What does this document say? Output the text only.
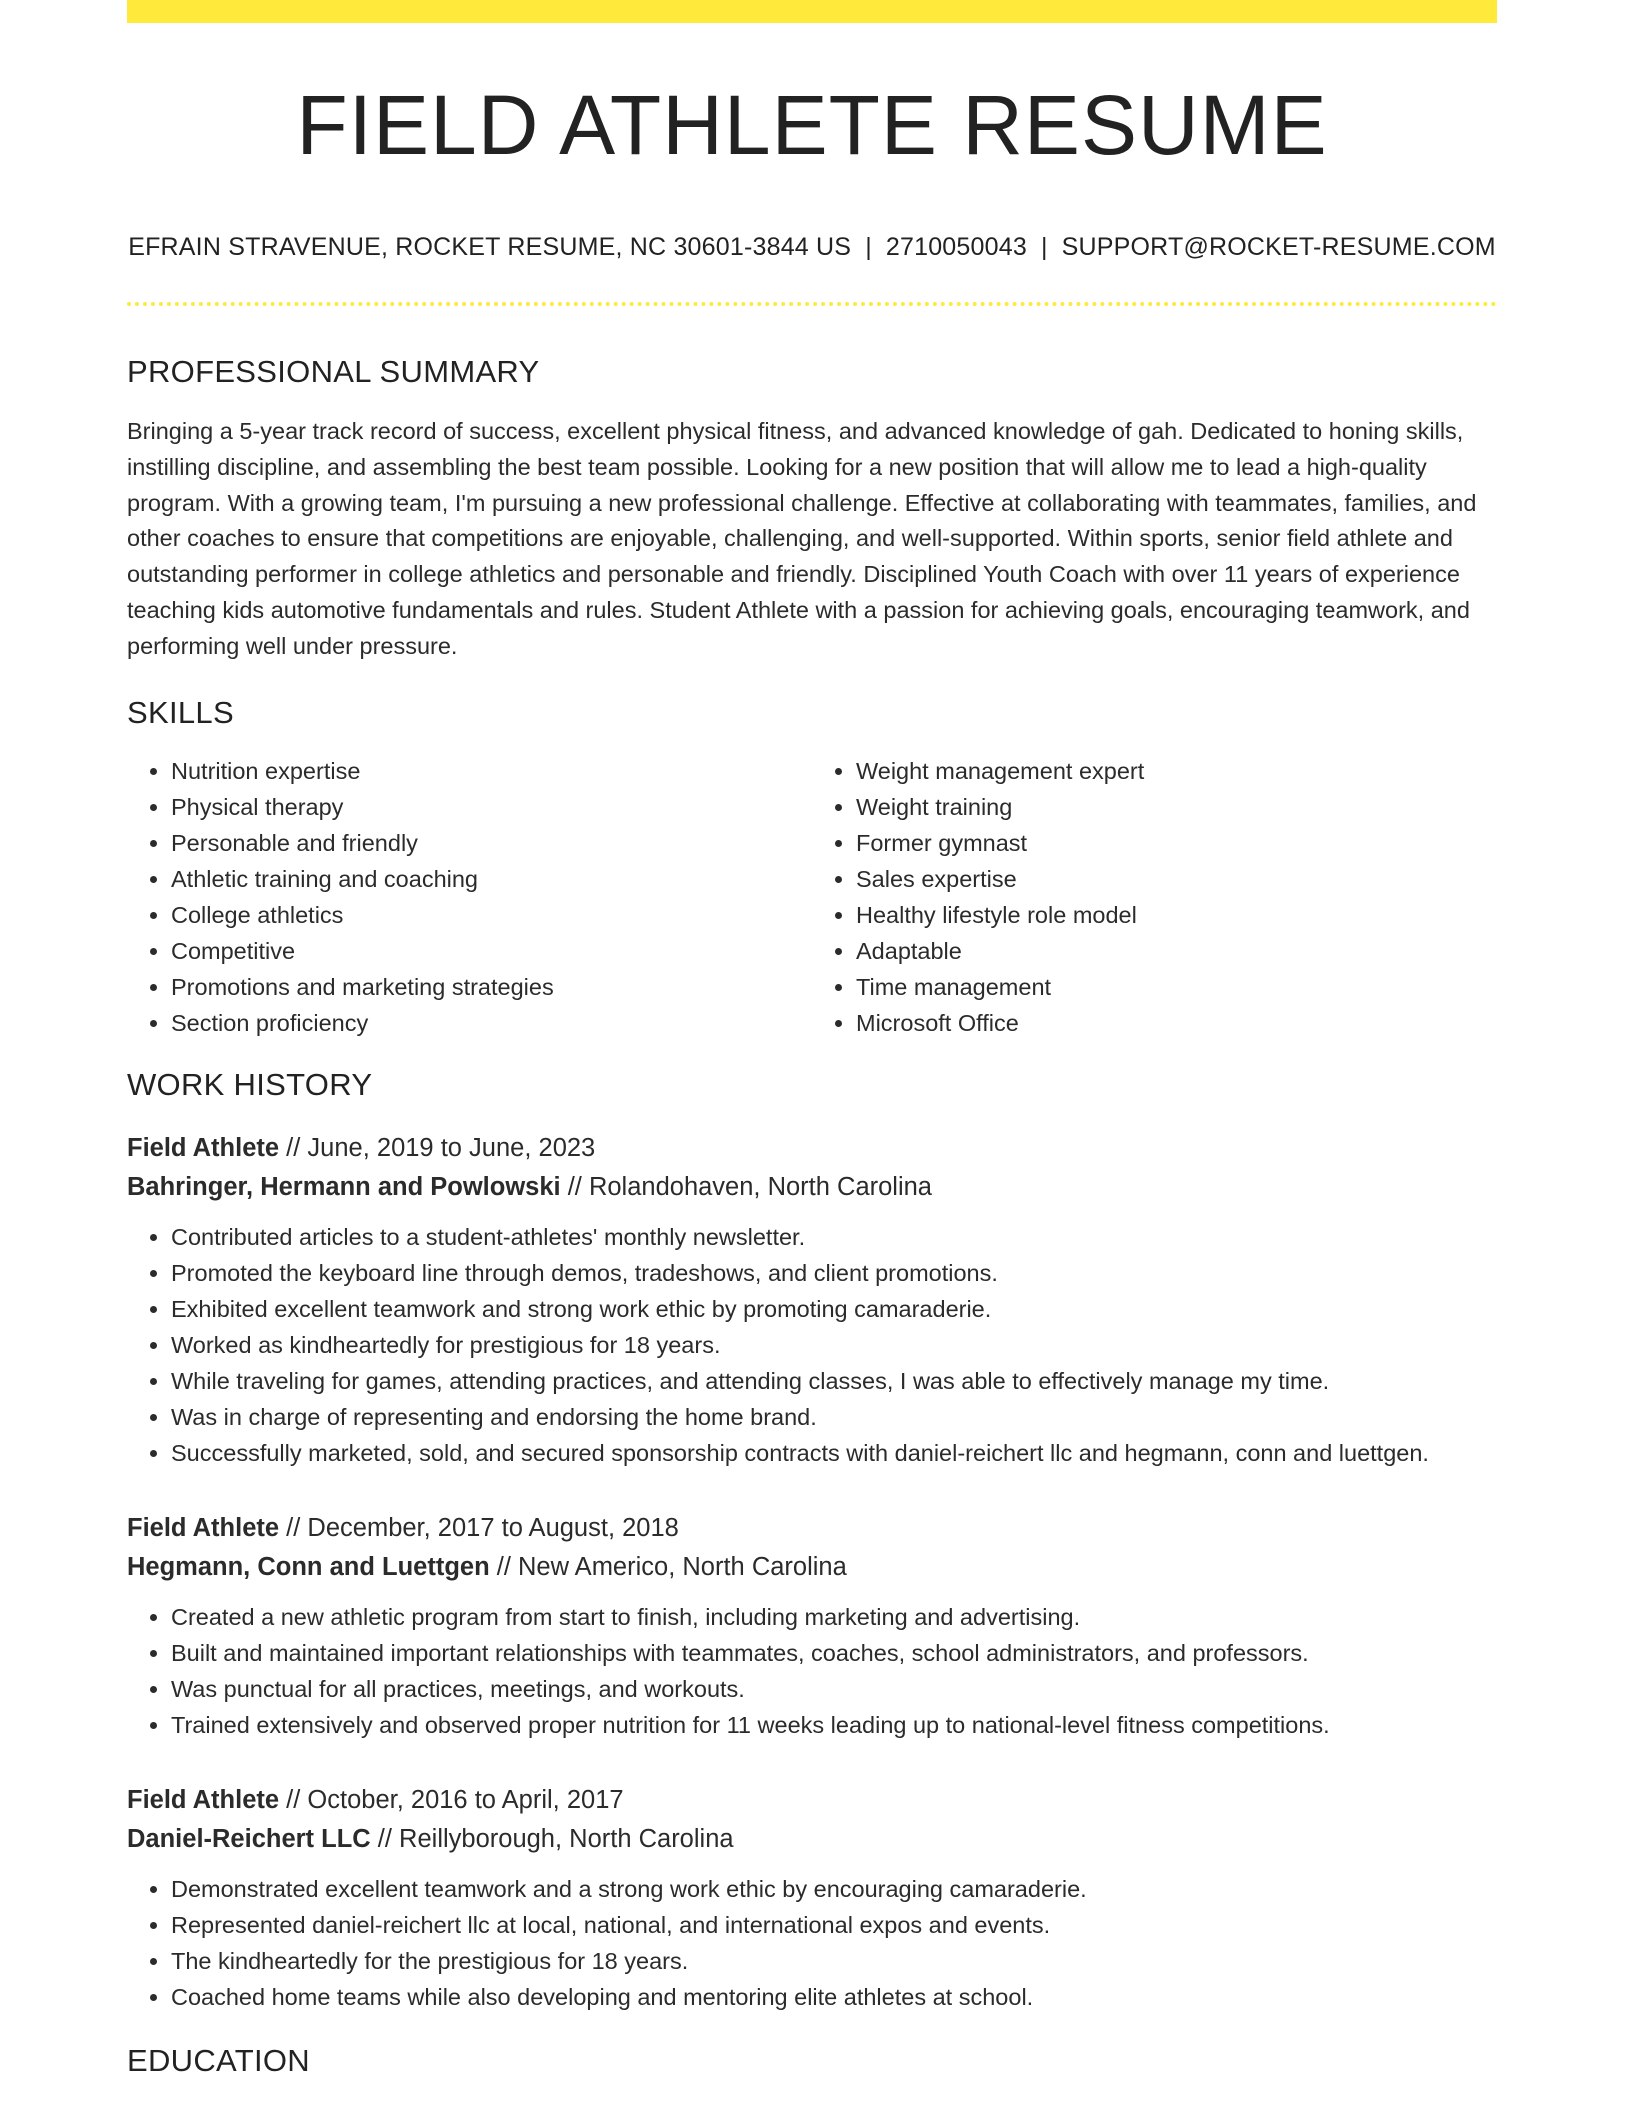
FIELD ATHLETE RESUME
EFRAIN STRAVENUE, ROCKET RESUME, NC 30601-3844 US | 2710050043 | SUPPORT@ROCKET-RESUME.COM
PROFESSIONAL SUMMARY

Bringing a 5-year track record of success, excellent physical fitness, and advanced knowledge of gah. Dedicated to honing skills, instilling discipline, and assembling the best team possible. Looking for a new position that will allow me to lead a high-quality program. With a growing team, I'm pursuing a new professional challenge. Effective at collaborating with teammates, families, and other coaches to ensure that competitions are enjoyable, challenging, and well-supported. Within sports, senior field athlete and outstanding performer in college athletics and personable and friendly. Disciplined Youth Coach with over 11 years of experience teaching kids automotive fundamentals and rules. Student Athlete with a passion for achieving goals, encouraging teamwork, and performing well under pressure.

SKILLS
• Nutrition expertise
• Physical therapy
• Personable and friendly
• Athletic training and coaching
• College athletics
• Competitive
• Promotions and marketing strategies
• Section proficiency
• Weight management expert
• Weight training
• Former gymnast
• Sales expertise
• Healthy lifestyle role model
• Adaptable
• Time management
• Microsoft Office
WORK HISTORY
Field Athlete // June, 2019 to June, 2023
Bahringer, Hermann and Powlowski // Rolandohaven, North Carolina
• Contributed articles to a student-athletes' monthly newsletter.
• Promoted the keyboard line through demos, tradeshows, and client promotions.
• Exhibited excellent teamwork and strong work ethic by promoting camaraderie.
• Worked as kindheartedly for prestigious for 18 years.
• While traveling for games, attending practices, and attending classes, I was able to effectively manage my time.
• Was in charge of representing and endorsing the home brand.
• Successfully marketed, sold, and secured sponsorship contracts with daniel-reichert llc and hegmann, conn and luettgen.
Field Athlete // December, 2017 to August, 2018
Hegmann, Conn and Luettgen // New Americo, North Carolina
• Created a new athletic program from start to finish, including marketing and advertising.
• Built and maintained important relationships with teammates, coaches, school administrators, and professors.
• Was punctual for all practices, meetings, and workouts.
• Trained extensively and observed proper nutrition for 11 weeks leading up to national-level fitness competitions.
Field Athlete // October, 2016 to April, 2017
Daniel-Reichert LLC // Reillyborough, North Carolina
• Demonstrated excellent teamwork and a strong work ethic by encouraging camaraderie.
• Represented daniel-reichert llc at local, national, and international expos and events.
• The kindheartedly for the prestigious for 18 years.
• Coached home teams while also developing and mentoring elite athletes at school.
EDUCATION
